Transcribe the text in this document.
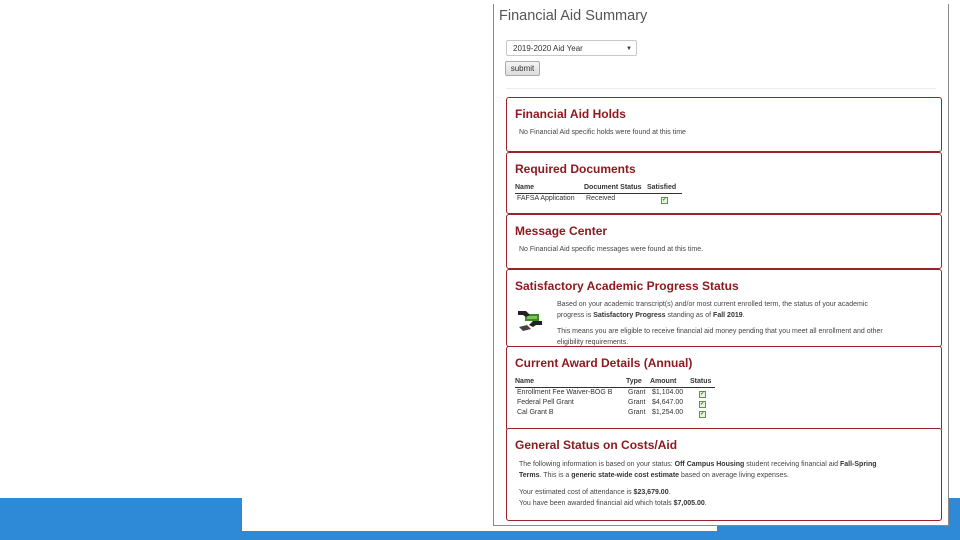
Financial Aid Summary
2019-2020 Aid Year	▼
submit
Financial Aid Holds
No Financial Aid specific holds were found at this time
Required Documents
Name	Document Status Satisfied
FAFSA Application Received	✓
Message Center
No Financial Aid specific messages were found at this time.
Satisfactory Academic Progress Status
Based on your academic transcript(s) and/or most current enrolled term, the status of your academic
progress is Satisfactory Progress standing as of Fall 2019.
This means you are eligible to receive financial aid money pending that you meet all enrollment and other
eligibility requirements.
Current Award Details (Annual)
Name	Type Amount Status
Enrollment Fee Waiver-BOG B Grant $1,104.00	✓
Federal Pell Grant	Grant $4,647.00	✓
Cal Grant B	Grant $1,254.00	✓
General Status on Costs/Aid
The following information is based on your status: Off Campus Housing student receiving financial aid Fall-Spring
Terms. This is a generic state-wide cost estimate based on average living expenses.
Your estimated cost of attendance is $23,679.00.
You have been awarded financial aid which totals $7,005.00.
